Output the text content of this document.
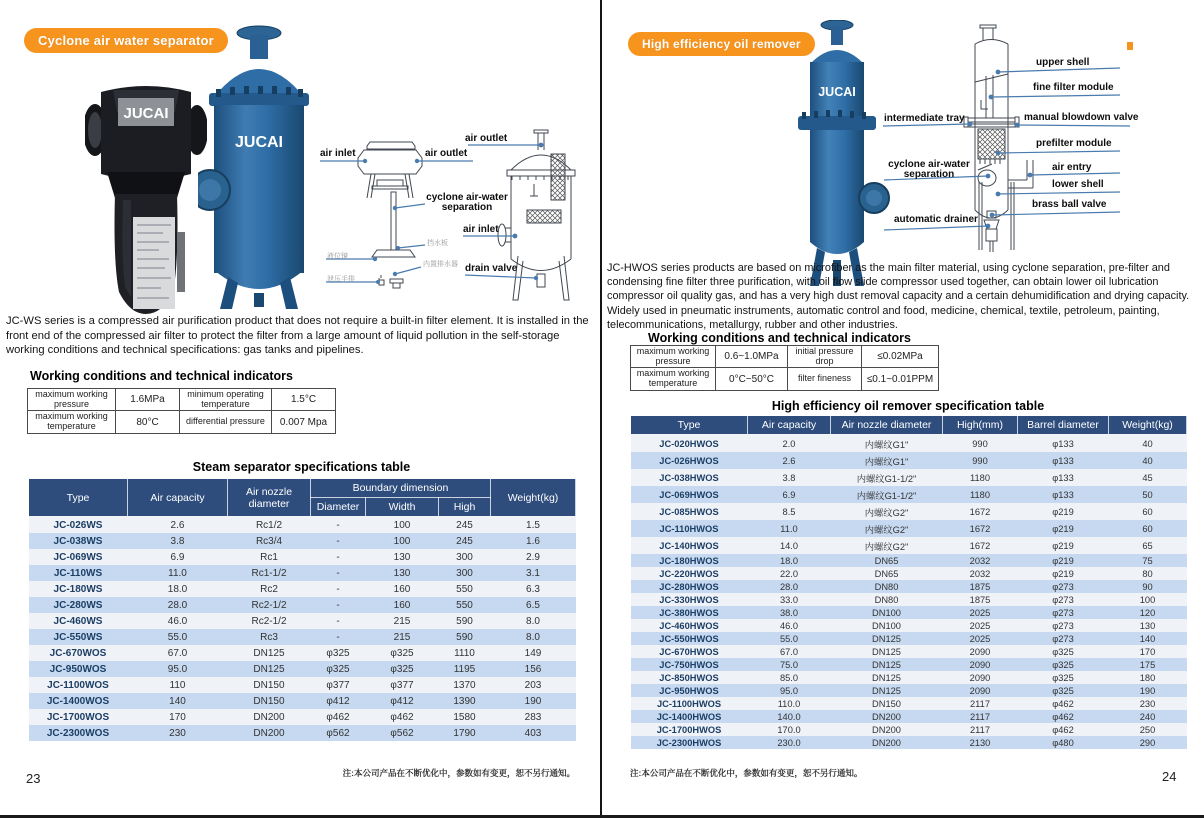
Cyclone air water separator
JUCAI
JUCAI	air outlet
air inlet	air outlet
cyclone air-water separation
挡水板
液位镜
内置排水器
泄压手排
air inlet
drain valve

JC-WS series is a compressed air purification product that does not require a built-in filter element. It is installed in the front end of the compressed air filter to protect the filter from a large amount of liquid pollution in the self-storage working conditions and technical specifications: gas tanks and pipelines.

Working conditions and technical indicators
maximum working pressure	1.6MPa	minimum operating temperature	1.5°C
maximum working temperature	80°C	differential pressure	0.007 Mpa
Steam separator specifications table
Type	Air capacity	Air nozzle diameter	Boundary dimension			Weight(kg)
			Diameter	Width	High	
JC-026WS	2.6	Rc1/2	-	100	245	1.5
JC-038WS	3.8	Rc3/4	-	100	245	1.6
JC-069WS	6.9	Rc1	-	130	300	2.9
JC-110WS	11.0	Rc1-1/2	-	130	300	3.1
JC-180WS	18.0	Rc2	-	160	550	6.3
JC-280WS	28.0	Rc2-1/2	-	160	550	6.5
JC-460WS	46.0	Rc2-1/2	-	215	590	8.0
JC-550WS	55.0	Rc3	-	215	590	8.0
JC-670WOS	67.0	DN125	φ325	φ325	1110	149
JC-950WOS	95.0	DN125	φ325	φ325	1195	156
JC-1100WOS	110	DN150	φ377	φ377	1370	203
JC-1400WOS	140	DN150	φ412	φ412	1390	190
JC-1700WOS	170	DN200	φ462	φ462	1580	283
JC-2300WOS	230	DN200	φ562	φ562	1790	403
注:本公司产品在不断优化中，参数如有变更，恕不另行通知。
23
High efficiency oil remover
JUCAI
upper shell
fine filter module
intermediate tray	manual blowdown valve
prefilter module
cyclone air-water separation
air entry
lower shell
brass ball valve
automatic drainer

JC-HWOS series products are based on microfiber as the main filter material, using cyclone separation, pre-filter and condensing fine filter three purification, with oil flow slide compressor used together, can obtain lower oil lubrication compressor oil quality gas, and has a very high dust removal capacity and a certain dehumidification and drying capacity. Widely used in pneumatic instruments, automatic control and food, medicine, chemical, textile, petroleum, painting, telecommunications, metallurgy, rubber and other industries.

Working conditions and technical indicators
maximum working pressure	0.6~1.0MPa	initial pressure drop	≤0.02MPa
maximum working temperature	0°C~50°C	filter fineness	≤0.1~0.01PPM
High efficiency oil remover specification table
Type	Air capacity	Air nozzle diameter	High(mm)	Barrel diameter	Weight(kg)
JC-020HWOS	2.0	内螺纹G1"	990	φ133	40
JC-026HWOS	2.6	内螺纹G1"	990	φ133	40
JC-038HWOS	3.8	内螺纹G1-1/2"	1180	φ133	45
JC-069HWOS	6.9	内螺纹G1-1/2"	1180	φ133	50
JC-085HWOS	8.5	内螺纹G2"	1672	φ219	60
JC-110HWOS	11.0	内螺纹G2"	1672	φ219	60
JC-140HWOS	14.0	内螺纹G2"	1672	φ219	65
JC-180HWOS	18.0	DN65	2032	φ219	75
JC-220HWOS	22.0	DN65	2032	φ219	80
JC-280HWOS	28.0	DN80	1875	φ273	90
JC-330HWOS	33.0	DN80	1875	φ273	100
JC-380HWOS	38.0	DN100	2025	φ273	120
JC-460HWOS	46.0	DN100	2025	φ273	130
JC-550HWOS	55.0	DN125	2025	φ273	140
JC-670HWOS	67.0	DN125	2090	φ325	170
JC-750HWOS	75.0	DN125	2090	φ325	175
JC-850HWOS	85.0	DN125	2090	φ325	180
JC-950HWOS	95.0	DN125	2090	φ325	190
JC-1100HWOS	110.0	DN150	2117	φ462	230
JC-1400HWOS	140.0	DN200	2117	φ462	240
JC-1700HWOS	170.0	DN200	2117	φ462	250
JC-2300HWOS	230.0	DN200	2130	φ480	290
注:本公司产品在不断优化中，参数如有变更，恕不另行通知。	24
